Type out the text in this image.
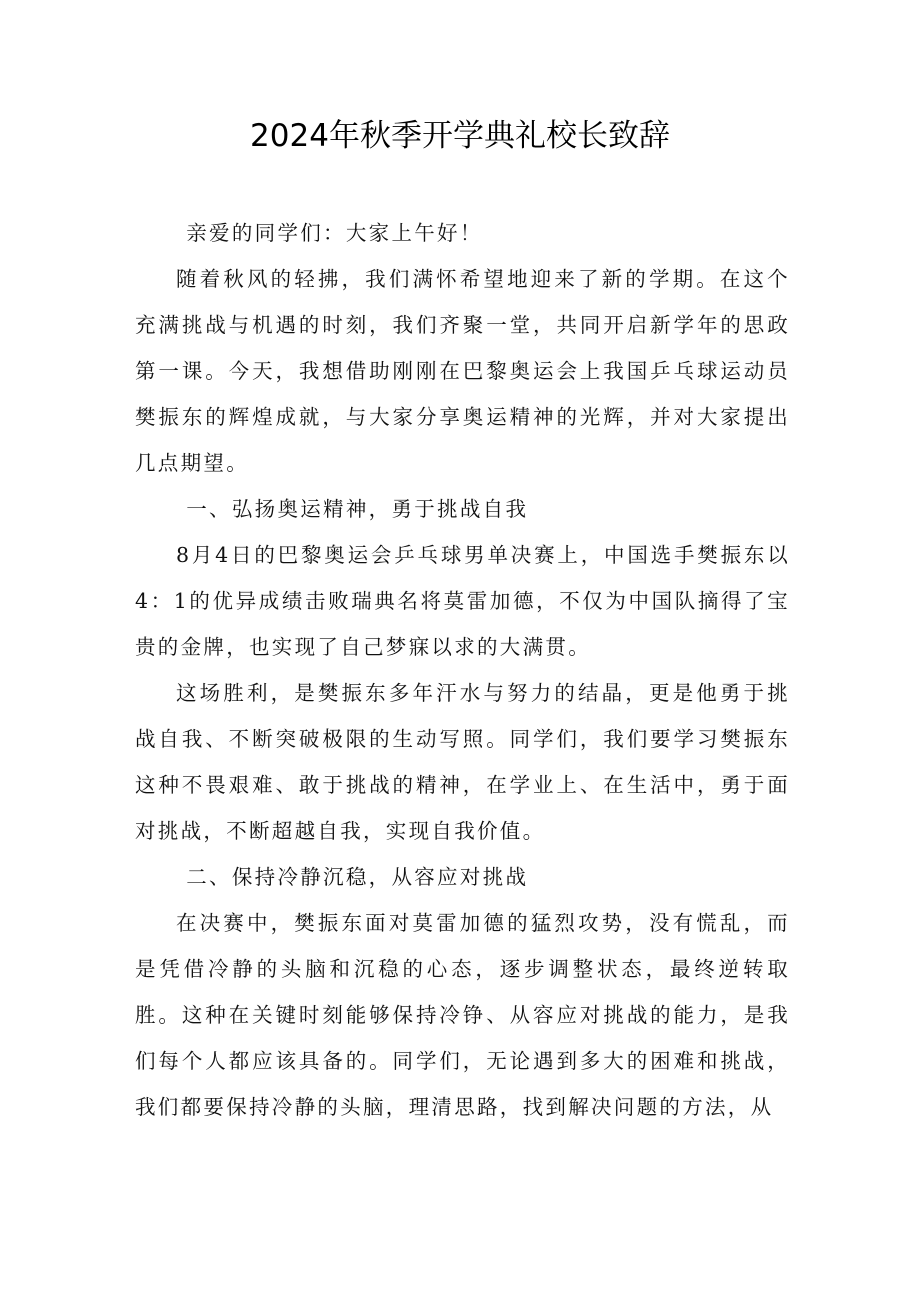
2024年秋季开学典礼校长致辞

亲爱的同学们：大家上午好！

随着秋风的轻拂，我们满怀希望地迎来了新的学期。在这个充满挑战与机遇的时刻，我们齐聚一堂，共同开启新学年的思政第一课。今天，我想借助刚刚在巴黎奥运会上我国乒乓球运动员樊振东的辉煌成就，与大家分享奥运精神的光辉，并对大家提出几点期望。

一、弘扬奥运精神，勇于挑战自我

8月4日的巴黎奥运会乒乓球男单决赛上，中国选手樊振东以4：1的优异成绩击败瑞典名将莫雷加德，不仅为中国队摘得了宝贵的金牌，也实现了自己梦寐以求的大满贯。

这场胜利，是樊振东多年汗水与努力的结晶，更是他勇于挑战自我、不断突破极限的生动写照。同学们，我们要学习樊振东这种不畏艰难、敢于挑战的精神，在学业上、在生活中，勇于面对挑战，不断超越自我，实现自我价值。

二、保持冷静沉稳，从容应对挑战

在决赛中，樊振东面对莫雷加德的猛烈攻势，没有慌乱，而是凭借冷静的头脑和沉稳的心态，逐步调整状态，最终逆转取胜。这种在关键时刻能够保持冷铮、从容应对挑战的能力，是我们每个人都应该具备的。同学们，无论遇到多大的困难和挑战，我们都要保持冷静的头脑，理清思路，找到解决问题的方法，从
